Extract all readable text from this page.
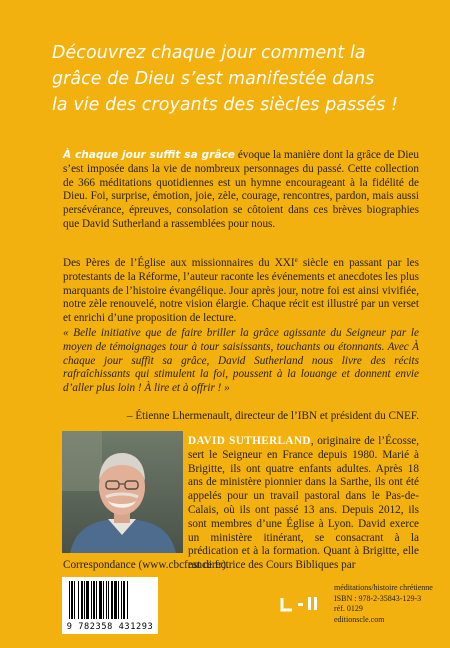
Découvrez chaque jour comment la
grâce de Dieu s’est manifestée dans
la vie des croyants des siècles passés !

À chaque jour suffit sa grâce évoque la manière dont la grâce de Dieu s’est imposée dans la vie de nombreux personnages du passé. Cette collection de 366 méditations quotidiennes est un hymne encourageant à la fidélité de Dieu. Foi, surprise, émotion, joie, zèle, courage, rencontres, pardon, mais aussi persévérance, épreuves, consolation se côtoient dans ces brèves biographies que David Sutherland a rassemblées pour nous.

Des Pères de l’Église aux missionnaires du XXIe siècle en passant par les protestants de la Réforme, l’auteur raconte les événements et anecdotes les plus marquants de l’histoire évangélique. Jour après jour, notre foi est ainsi vivifiée, notre zèle renouvelé, notre vision élargie. Chaque récit est illustré par un verset et enrichi d’une proposition de lecture.

« Belle initiative que de faire briller la grâce agissante du Seigneur par le moyen de témoignages tour à tour saisissants, touchants ou étonnants. Avec À chaque jour suffit sa grâce, David Sutherland nous livre des récits rafraîchissants qui stimulent la foi, poussent à la louange et donnent envie d’aller plus loin ! À lire et à offrir ! »

– Étienne Lhermenault, directeur de l’IBN et président du CNEF.

DAVID SUTHERLAND, originaire de l’Écosse, sert le Seigneur en France depuis 1980. Marié à Brigitte, ils ont quatre enfants adultes. Après 18 ans de ministère pionnier dans la Sarthe, ils ont été appelés pour un travail pastoral dans le Pas-de-Calais, où ils ont passé 13 ans. Depuis 2012, ils sont membres d’une Église à Lyon. David exerce un ministère itinérant, se consacrant à la prédication et à la formation. Quant à Brigitte, elle est directrice des Cours Bibliques par

Correspondance (www.cbcfrance.fr).

9 782358 431293
méditations/histoire chrétienne
ISBN : 978-2-35843-129-3
réf. 0129
editionscle.com
